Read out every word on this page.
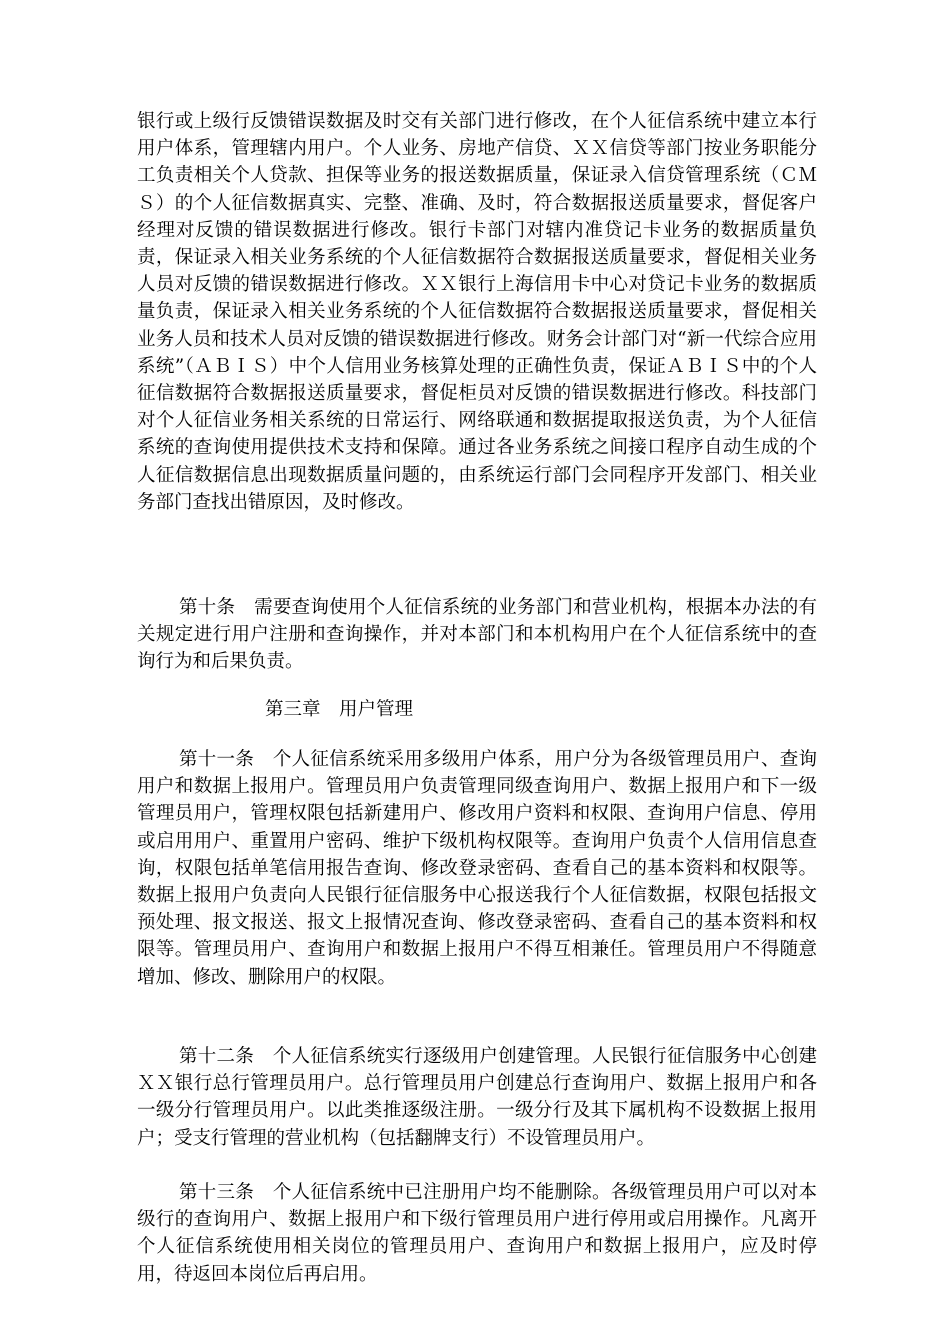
银行或上级行反馈错误数据及时交有关部门进行修改，在个人征信系统中建立本行用户体系，管理辖内用户。个人业务、房地产信贷、ＸＸ信贷等部门按业务职能分工负责相关个人贷款、担保等业务的报送数据质量，保证录入信贷管理系统（ＣＭＳ）的个人征信数据真实、完整、准确、及时，符合数据报送质量要求，督促客户经理对反馈的错误数据进行修改。银行卡部门对辖内准贷记卡业务的数据质量负责，保证录入相关业务系统的个人征信数据符合数据报送质量要求，督促相关业务人员对反馈的错误数据进行修改。ＸＸ银行上海信用卡中心对贷记卡业务的数据质量负责，保证录入相关业务系统的个人征信数据符合数据报送质量要求，督促相关业务人员和技术人员对反馈的错误数据进行修改。财务会计部门对“新一代综合应用系统”（ＡＢＩＳ）中个人信用业务核算处理的正确性负责，保证ＡＢＩＳ中的个人征信数据符合数据报送质量要求，督促柜员对反馈的错误数据进行修改。科技部门对个人征信业务相关系统的日常运行、网络联通和数据提取报送负责，为个人征信系统的查询使用提供技术支持和保障。通过各业务系统之间接口程序自动生成的个人征信数据信息出现数据质量问题的，由系统运行部门会同程序开发部门、相关业务部门查找出错原因，及时修改。

第十条　需要查询使用个人征信系统的业务部门和营业机构，根据本办法的有关规定进行用户注册和查询操作，并对本部门和本机构用户在个人征信系统中的查询行为和后果负责。

第三章　用户管理

第十一条　个人征信系统采用多级用户体系，用户分为各级管理员用户、查询用户和数据上报用户。管理员用户负责管理同级查询用户、数据上报用户和下一级管理员用户，管理权限包括新建用户、修改用户资料和权限、查询用户信息、停用或启用用户、重置用户密码、维护下级机构权限等。查询用户负责个人信用信息查询，权限包括单笔信用报告查询、修改登录密码、查看自己的基本资料和权限等。数据上报用户负责向人民银行征信服务中心报送我行个人征信数据，权限包括报文预处理、报文报送、报文上报情况查询、修改登录密码、查看自己的基本资料和权限等。管理员用户、查询用户和数据上报用户不得互相兼任。管理员用户不得随意增加、修改、删除用户的权限。

第十二条　个人征信系统实行逐级用户创建管理。人民银行征信服务中心创建ＸＸ银行总行管理员用户。总行管理员用户创建总行查询用户、数据上报用户和各一级分行管理员用户。以此类推逐级注册。一级分行及其下属机构不设数据上报用户；受支行管理的营业机构（包括翻牌支行）不设管理员用户。

第十三条　个人征信系统中已注册用户均不能删除。各级管理员用户可以对本级行的查询用户、数据上报用户和下级行管理员用户进行停用或启用操作。凡离开个人征信系统使用相关岗位的管理员用户、查询用户和数据上报用户，应及时停用，待返回本岗位后再启用。
